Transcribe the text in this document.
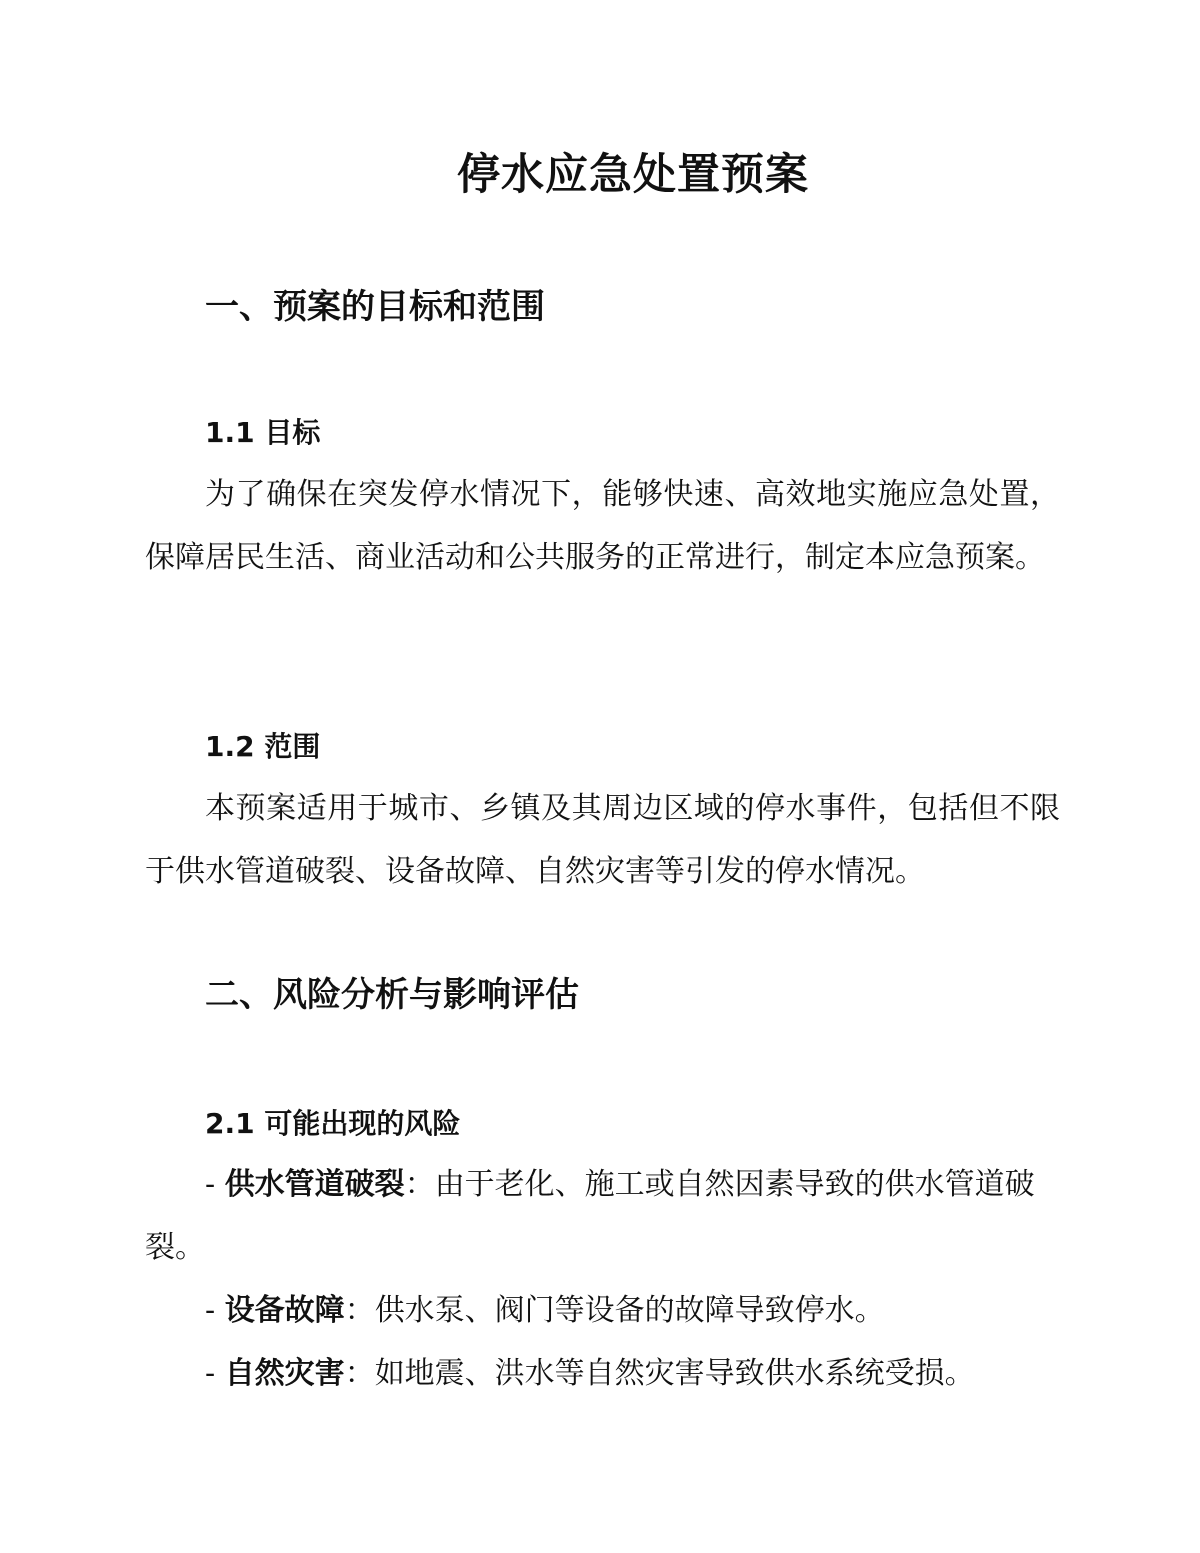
停水应急处置预案
一、预案的目标和范围
1.1 目标

为了确保在突发停水情况下，能够快速、高效地实施应急处置，保障居民生活、商业活动和公共服务的正常进行，制定本应急预案。

1.2 范围

本预案适用于城市、乡镇及其周边区域的停水事件，包括但不限于供水管道破裂、设备故障、自然灾害等引发的停水情况。

二、风险分析与影响评估
2.1 可能出现的风险

- 供水管道破裂：由于老化、施工或自然因素导致的供水管道破裂。

- 设备故障：供水泵、阀门等设备的故障导致停水。

- 自然灾害：如地震、洪水等自然灾害导致供水系统受损。
